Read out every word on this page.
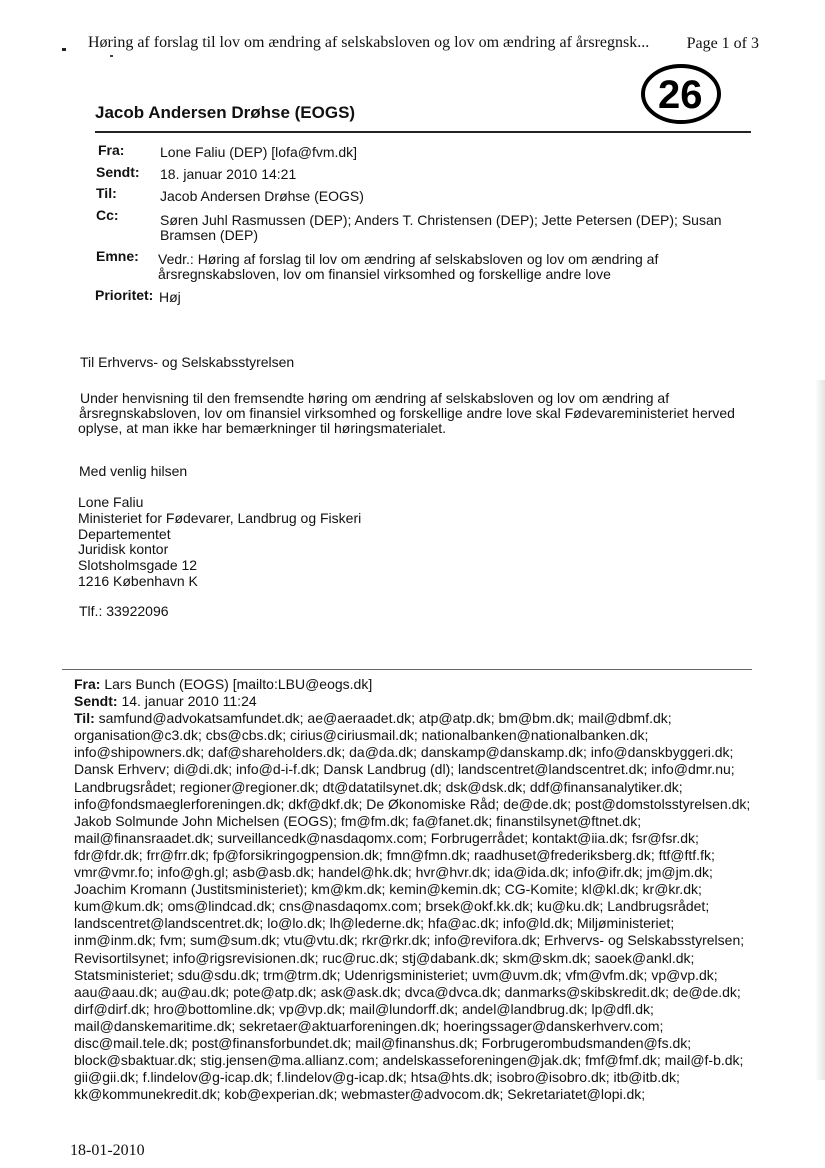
Høring af forslag til lov om ændring af selskabsloven og lov om ændring af årsregnsk... Page 1 of 3
26
Jacob Andersen Drøhse (EOGS)
Fra:	Lone Faliu (DEP) [lofa@fvm.dk]
Sendt: 18. januar 2010 14:21
Til:	Jacob Andersen Drøhse (EOGS)
Cc:	Søren Juhl Rasmussen (DEP); Anders T. Christensen (DEP); Jette Petersen (DEP); Susan
Bramsen (DEP)
Emne: Vedr.: Høring af forslag til lov om ændring af selskabsloven og lov om ændring af
årsregnskabsloven, lov om finansiel virksomhed og forskellige andre love
Prioritet: Høj
Til Erhvervs- og Selskabsstyrelsen
Under henvisning til den fremsendte høring om ændring af selskabsloven og lov om ændring af
årsregnskabsloven, lov om finansiel virksomhed og forskellige andre love skal Fødevareministeriet herved
oplyse, at man ikke har bemærkninger til høringsmaterialet.
Med venlig hilsen
Lone Faliu
Ministeriet for Fødevarer, Landbrug og Fiskeri
Departementet
Juridisk kontor
Slotsholmsgade 12
1216 København K
Tlf.: 33922096
Fra: Lars Bunch (EOGS) [mailto:LBU@eogs.dk]
Sendt: 14. januar 2010 11:24
Til: samfund@advokatsamfundet.dk; ae@aeraadet.dk; atp@atp.dk; bm@bm.dk; mail@dbmf.dk;
organisation@c3.dk; cbs@cbs.dk; cirius@ciriusmail.dk; nationalbanken@nationalbanken.dk;
info@shipowners.dk; daf@shareholders.dk; da@da.dk; danskamp@danskamp.dk; info@danskbyggeri.dk;
Dansk Erhverv; di@di.dk; info@d-i-f.dk; Dansk Landbrug (dl); landscentret@landscentret.dk; info@dmr.nu;
Landbrugsrådet; regioner@regioner.dk; dt@datatilsynet.dk; dsk@dsk.dk; ddf@finansanalytiker.dk;
info@fondsmaeglerforeningen.dk; dkf@dkf.dk; De Økonomiske Råd; de@de.dk; post@domstolsstyrelsen.dk;
Jakob Solmunde John Michelsen (EOGS); fm@fm.dk; fa@fanet.dk; finanstilsynet@ftnet.dk;
mail@finansraadet.dk; surveillancedk@nasdaqomx.com; Forbrugerrådet; kontakt@iia.dk; fsr@fsr.dk;
fdr@fdr.dk; frr@frr.dk; fp@forsikringogpension.dk; fmn@fmn.dk; raadhuset@frederiksberg.dk; ftf@ftf.fk;
vmr@vmr.fo; info@gh.gl; asb@asb.dk; handel@hk.dk; hvr@hvr.dk; ida@ida.dk; info@ifr.dk; jm@jm.dk;
Joachim Kromann (Justitsministeriet); km@km.dk; kemin@kemin.dk; CG-Komite; kl@kl.dk; kr@kr.dk;
kum@kum.dk; oms@lindcad.dk; cns@nasdaqomx.com; brsek@okf.kk.dk; ku@ku.dk; Landbrugsrådet;
landscentret@landscentret.dk; lo@lo.dk; lh@lederne.dk; hfa@ac.dk; info@ld.dk; Miljøministeriet;
inm@inm.dk; fvm; sum@sum.dk; vtu@vtu.dk; rkr@rkr.dk; info@revifora.dk; Erhvervs- og Selskabsstyrelsen;
Revisortilsynet; info@rigsrevisionen.dk; ruc@ruc.dk; stj@dabank.dk; skm@skm.dk; saoek@ankl.dk;
Statsministeriet; sdu@sdu.dk; trm@trm.dk; Udenrigsministeriet; uvm@uvm.dk; vfm@vfm.dk; vp@vp.dk;
aau@aau.dk; au@au.dk; pote@atp.dk; ask@ask.dk; dvca@dvca.dk; danmarks@skibskredit.dk; de@de.dk;
dirf@dirf.dk; hro@bottomline.dk; vp@vp.dk; mail@lundorff.dk; andel@landbrug.dk; lp@dfl.dk;
mail@danskemaritime.dk; sekretaer@aktuarforeningen.dk; hoeringssager@danskerhverv.com;
disc@mail.tele.dk; post@finansforbundet.dk; mail@finanshus.dk; Forbrugerombudsmanden@fs.dk;
block@sbaktuar.dk; stig.jensen@ma.allianz.com; andelskasseforeningen@jak.dk; fmf@fmf.dk; mail@f-b.dk;
gii@gii.dk; f.lindelov@g-icap.dk; f.lindelov@g-icap.dk; htsa@hts.dk; isobro@isobro.dk; itb@itb.dk;
kk@kommunekredit.dk; kob@experian.dk; webmaster@advocom.dk; Sekretariatet@lopi.dk;
18-01-2010
